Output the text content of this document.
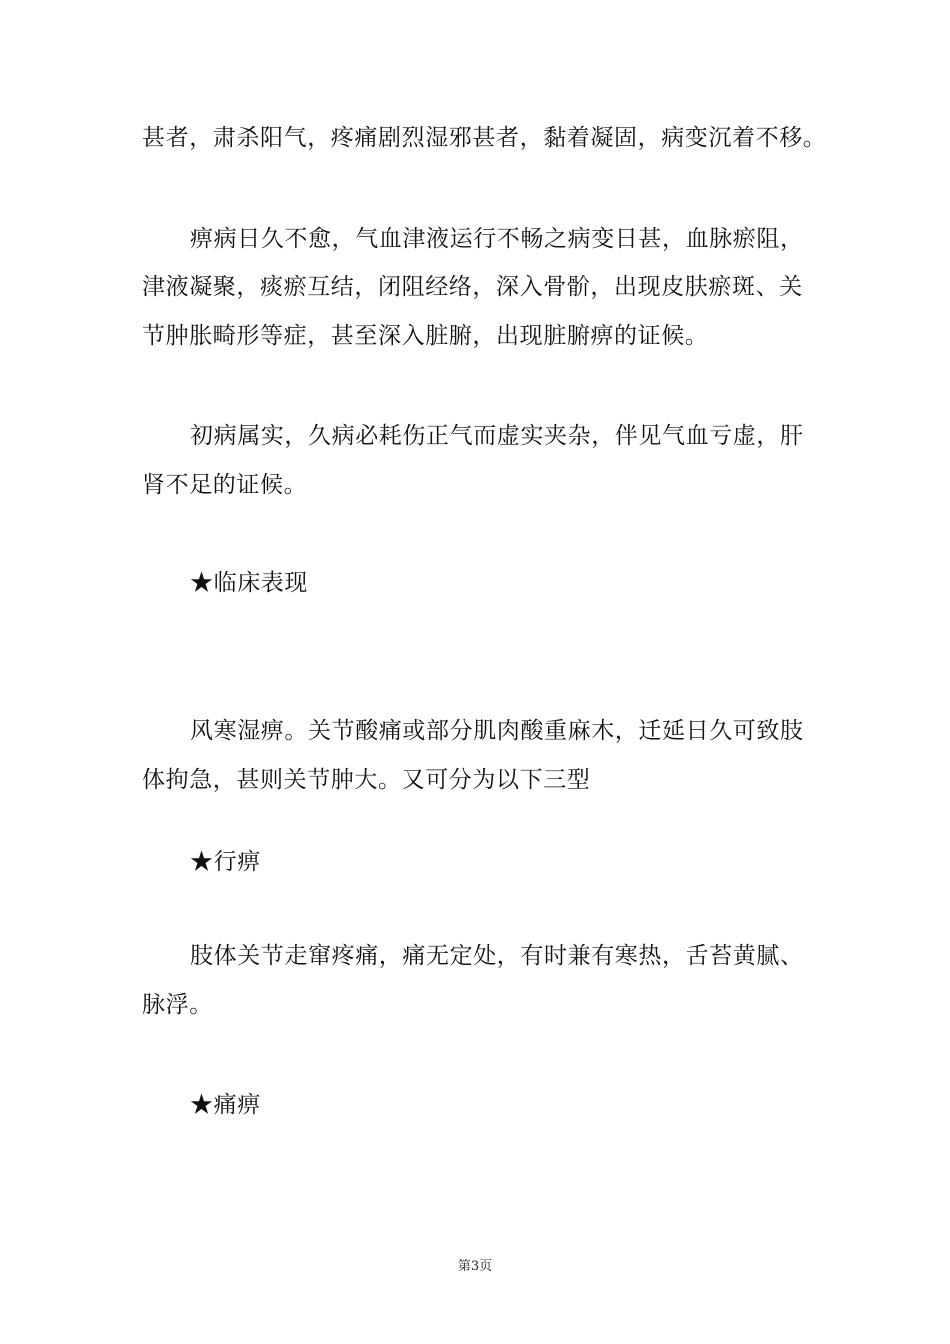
甚者，肃杀阳气，疼痛剧烈湿邪甚者，黏着凝固，病变沉着不移。
痹病日久不愈，气血津液运行不畅之病变日甚，血脉瘀阻，
津液凝聚，痰瘀互结，闭阻经络，深入骨骱，出现皮肤瘀斑、关
节肿胀畸形等症，甚至深入脏腑，出现脏腑痹的证候。
初病属实，久病必耗伤正气而虚实夹杂，伴见气血亏虚，肝
肾不足的证候。
★临床表现
风寒湿痹。关节酸痛或部分肌肉酸重麻木，迁延日久可致肢
体拘急，甚则关节肿大。又可分为以下三型
★行痹
肢体关节走窜疼痛，痛无定处，有时兼有寒热，舌苔黄腻、
脉浮。
★痛痹
第3页
